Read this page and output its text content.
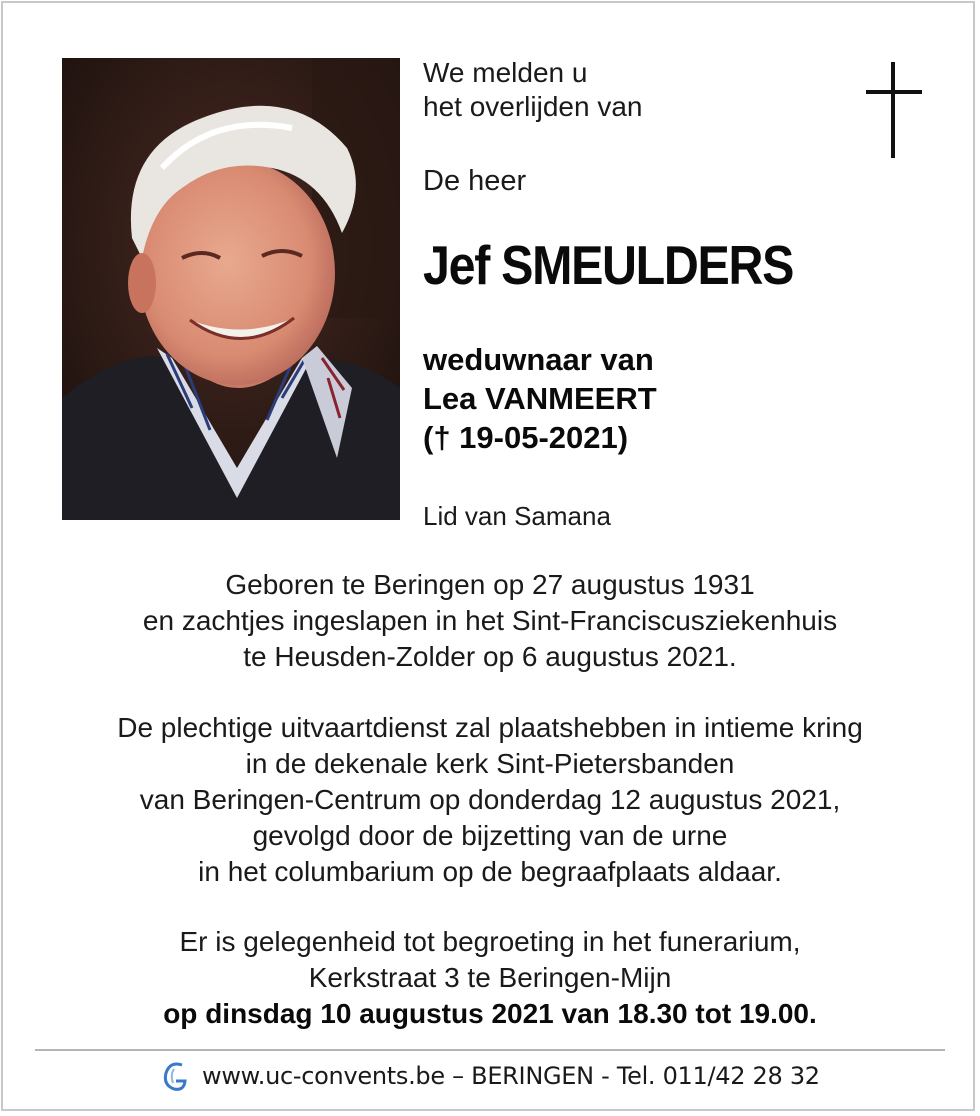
We melden u
het overlijden van
De heer
Jef SMEULDERS
weduwnaar van
Lea VANMEERT
(† 19-05-2021)
Lid van Samana
Geboren te Beringen op 27 augustus 1931
en zachtjes ingeslapen in het Sint-Franciscusziekenhuis
te Heusden-Zolder op 6 augustus 2021.
De plechtige uitvaartdienst zal plaatshebben in intieme kring
in de dekenale kerk Sint-Pietersbanden
van Beringen-Centrum op donderdag 12 augustus 2021,
gevolgd door de bijzetting van de urne
in het columbarium op de begraafplaats aldaar.
Er is gelegenheid tot begroeting in het funerarium,
Kerkstraat 3 te Beringen-Mijn
op dinsdag 10 augustus 2021 van 18.30 tot 19.00.
www.uc-convents.be – BERINGEN - Tel. 011/42 28 32
